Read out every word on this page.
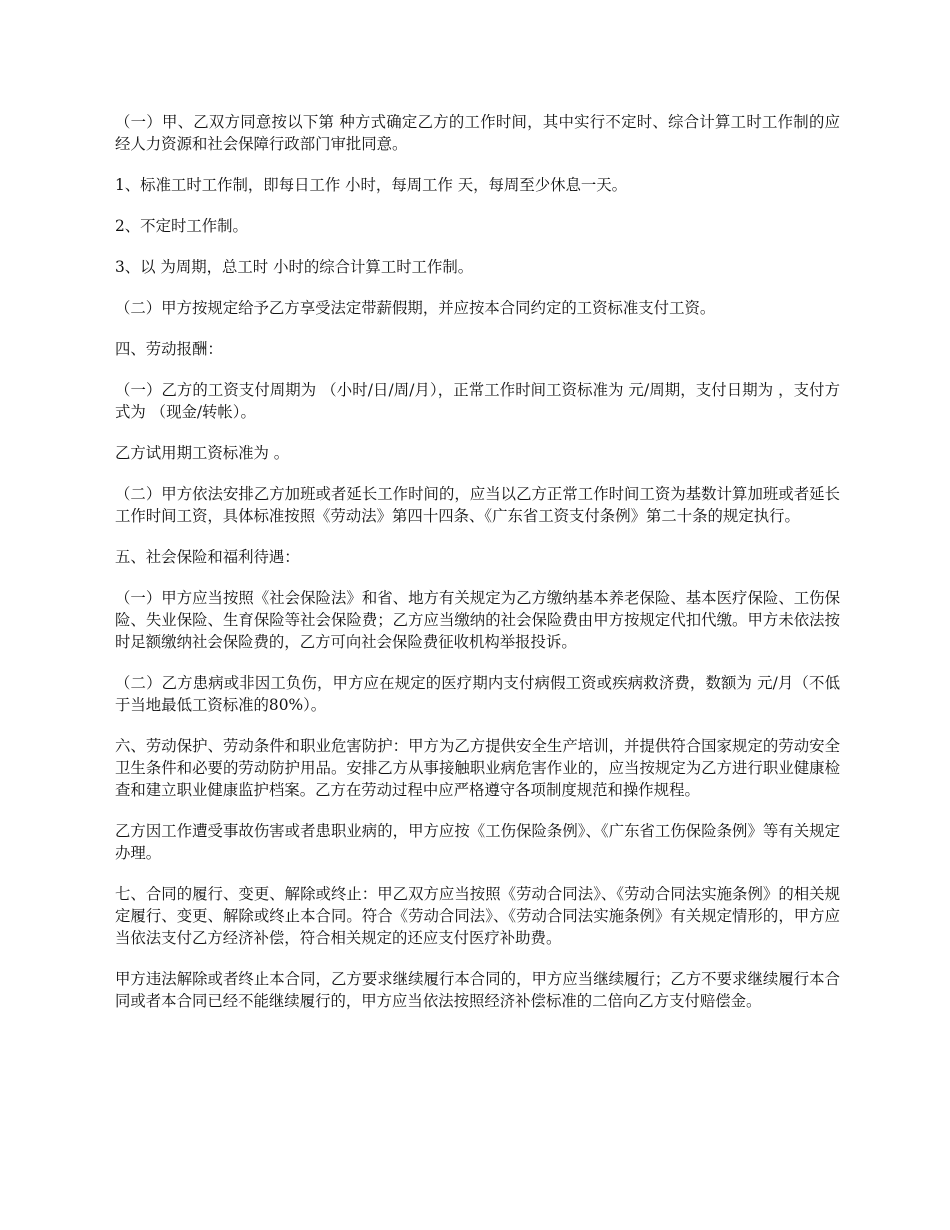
（一）甲、乙双方同意按以下第 种方式确定乙方的工作时间，其中实行不定时、综合计算工时工作制的应经人力资源和社会保障行政部门审批同意。

1、标准工时工作制，即每日工作 小时，每周工作 天，每周至少休息一天。

2、不定时工作制。

3、以 为周期，总工时 小时的综合计算工时工作制。

（二）甲方按规定给予乙方享受法定带薪假期，并应按本合同约定的工资标准支付工资。

四、劳动报酬：

（一）乙方的工资支付周期为 （小时/日/周/月），正常工作时间工资标准为 元/周期，支付日期为 ，支付方式为 （现金/转帐）。

乙方试用期工资标准为 。

（二）甲方依法安排乙方加班或者延长工作时间的，应当以乙方正常工作时间工资为基数计算加班或者延长工作时间工资，具体标准按照《劳动法》第四十四条、《广东省工资支付条例》第二十条的规定执行。

五、社会保险和福利待遇：

（一）甲方应当按照《社会保险法》和省、地方有关规定为乙方缴纳基本养老保险、基本医疗保险、工伤保险、失业保险、生育保险等社会保险费；乙方应当缴纳的社会保险费由甲方按规定代扣代缴。甲方未依法按时足额缴纳社会保险费的，乙方可向社会保险费征收机构举报投诉。

（二）乙方患病或非因工负伤，甲方应在规定的医疗期内支付病假工资或疾病救济费，数额为 元/月（不低于当地最低工资标准的80%）。

六、劳动保护、劳动条件和职业危害防护：甲方为乙方提供安全生产培训，并提供符合国家规定的劳动安全卫生条件和必要的劳动防护用品。安排乙方从事接触职业病危害作业的，应当按规定为乙方进行职业健康检查和建立职业健康监护档案。乙方在劳动过程中应严格遵守各项制度规范和操作规程。

乙方因工作遭受事故伤害或者患职业病的，甲方应按《工伤保险条例》、《广东省工伤保险条例》等有关规定办理。

七、合同的履行、变更、解除或终止：甲乙双方应当按照《劳动合同法》、《劳动合同法实施条例》的相关规定履行、变更、解除或终止本合同。符合《劳动合同法》、《劳动合同法实施条例》有关规定情形的，甲方应当依法支付乙方经济补偿，符合相关规定的还应支付医疗补助费。

甲方违法解除或者终止本合同，乙方要求继续履行本合同的，甲方应当继续履行；乙方不要求继续履行本合同或者本合同已经不能继续履行的，甲方应当依法按照经济补偿标准的二倍向乙方支付赔偿金。
